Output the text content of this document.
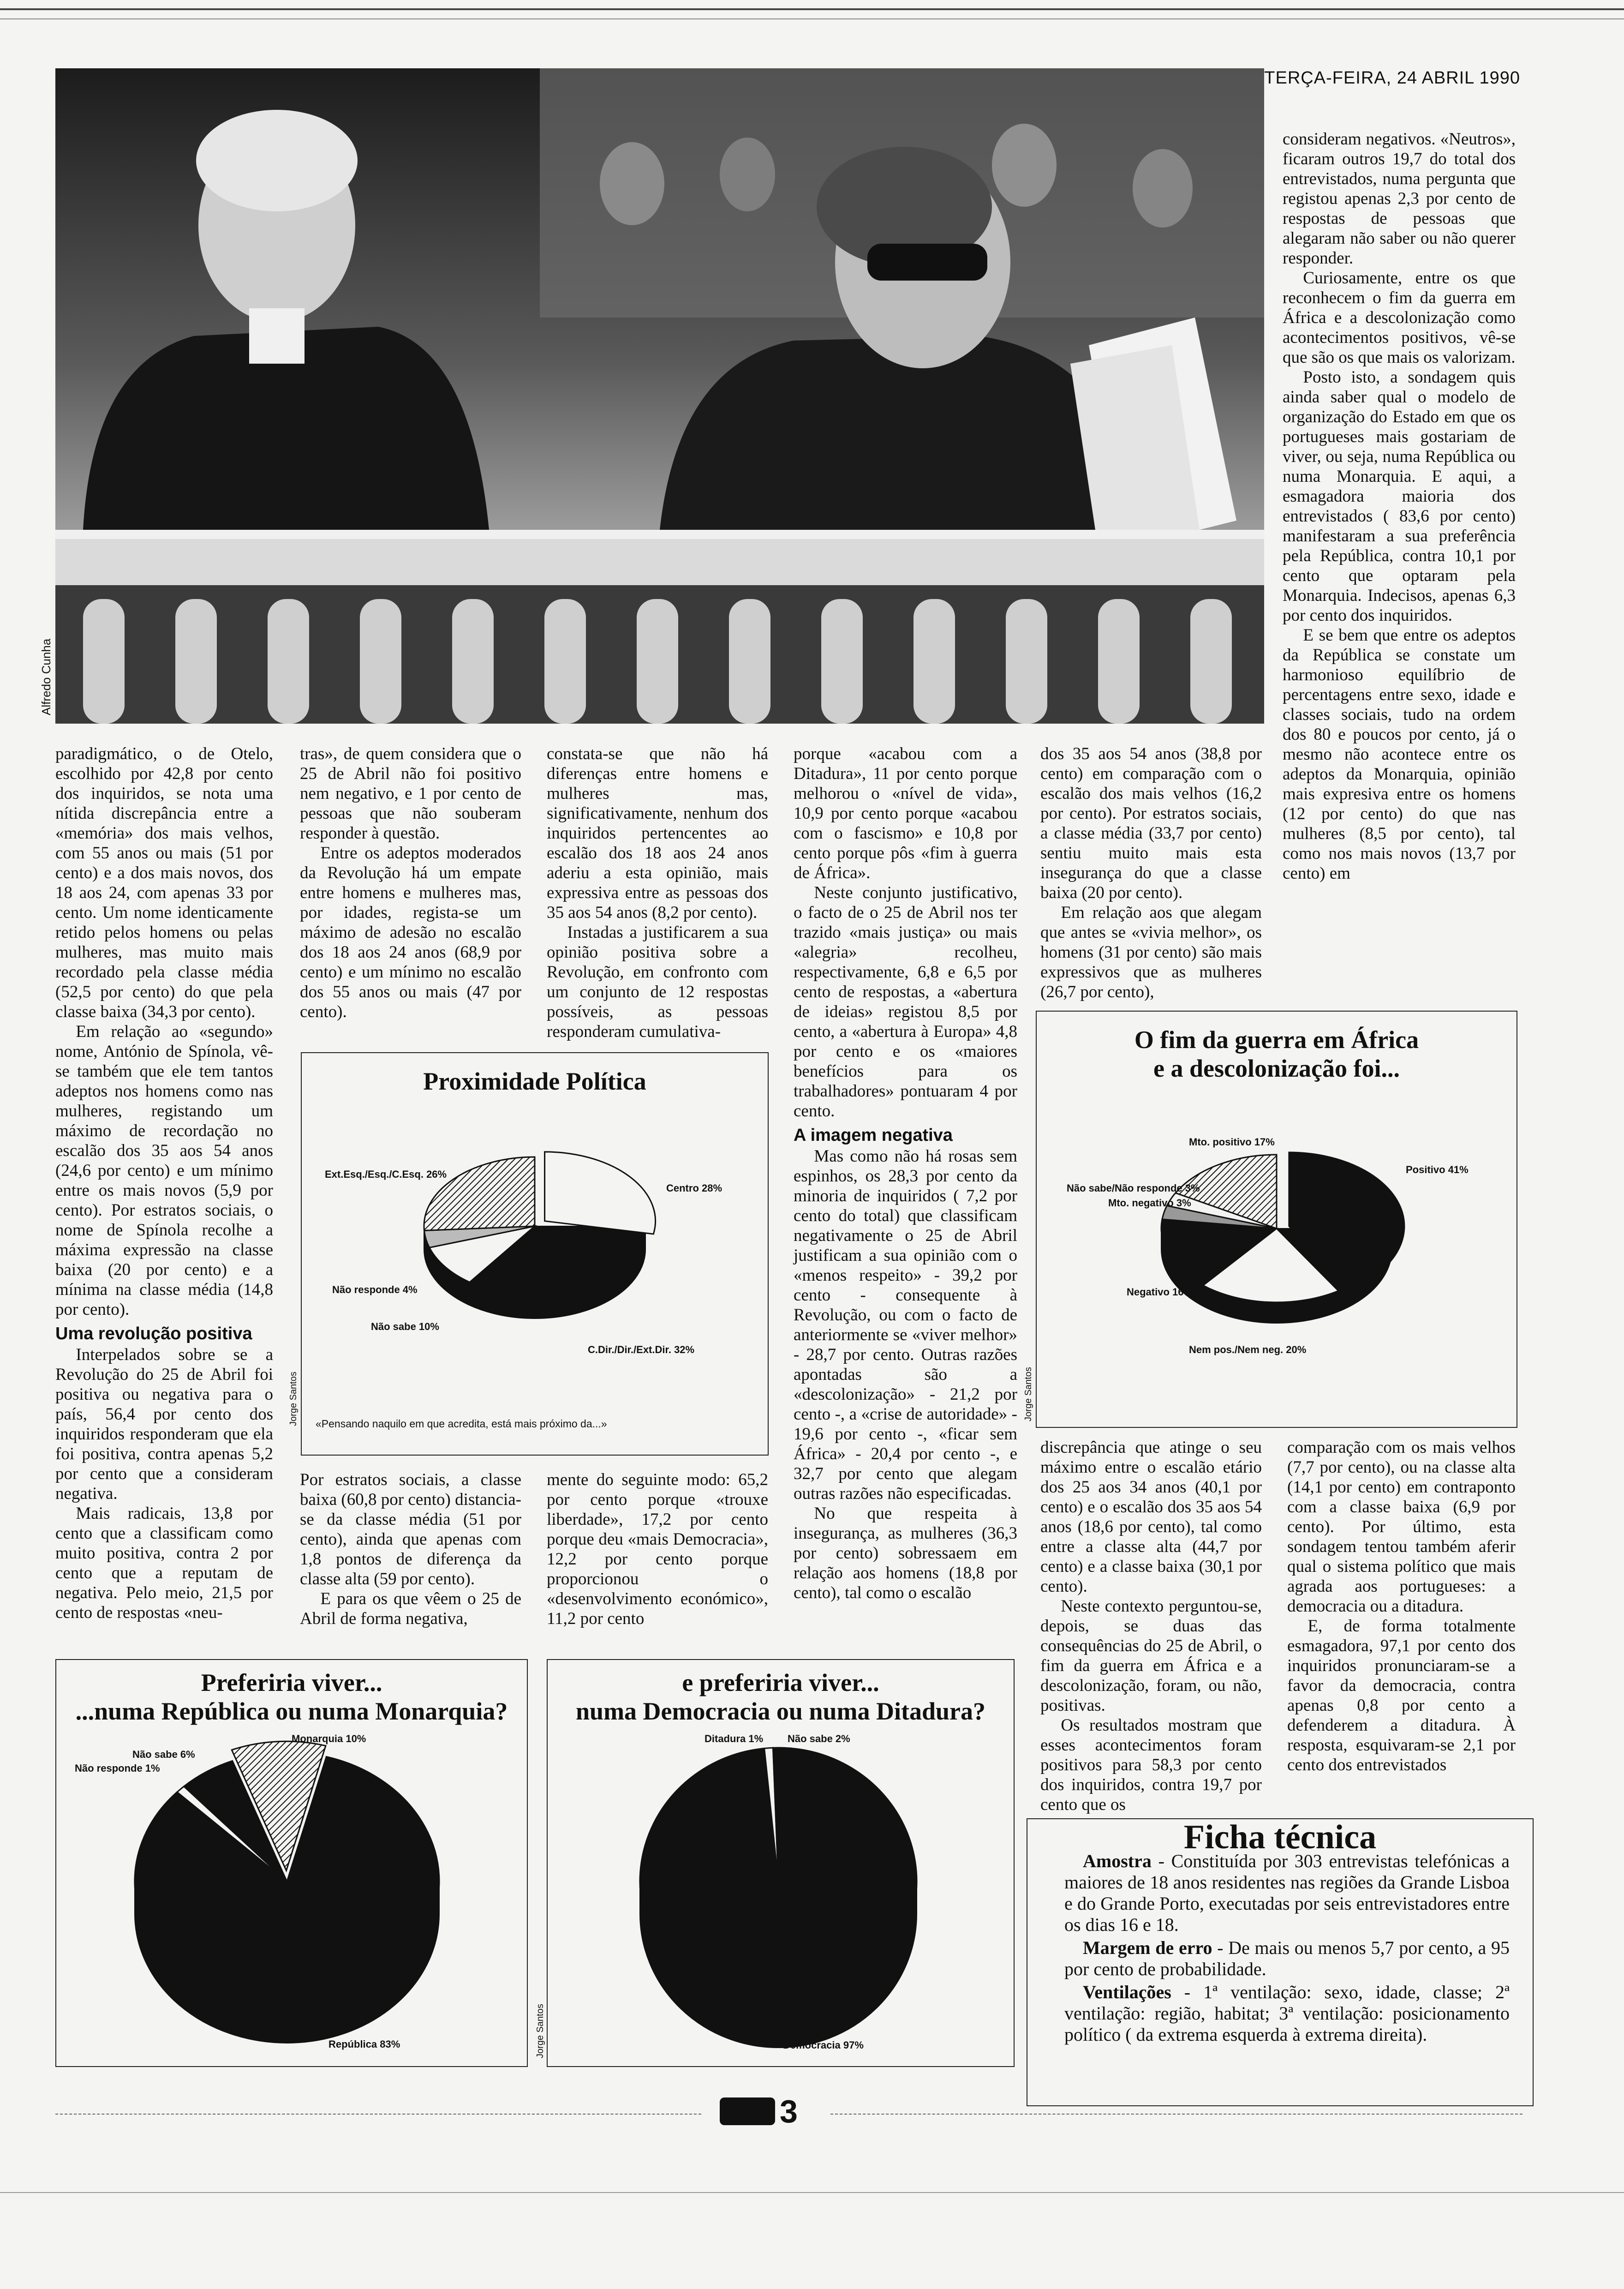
TERÇA-FEIRA, 24 ABRIL 1990
Alfredo Cunha

paradigmático, o de Otelo, escolhido por 42,8 por cento dos inquiridos, se nota uma nítida discrepância entre a «memória» dos mais velhos, com 55 anos ou mais (51 por cento) e a dos mais novos, dos 18 aos 24, com apenas 33 por cento. Um nome identicamente retido pelos homens ou pelas mulheres, mas muito mais recordado pela classe média (52,5 por cento) do que pela classe baixa (34,3 por cento).

Em relação ao «segundo» nome, António de Spínola, vê-se também que ele tem tantos adeptos nos homens como nas mulheres, registando um máximo de recordação no escalão dos 35 aos 54 anos (24,6 por cento) e um mínimo entre os mais novos (5,9 por cento). Por estratos sociais, o nome de Spínola recolhe a máxima expressão na classe baixa (20 por cento) e a mínima na classe média (14,8 por cento).

Uma revolução positiva

Interpelados sobre se a Revolução do 25 de Abril foi positiva ou negativa para o país, 56,4 por cento dos inquiridos responderam que ela foi positiva, contra apenas 5,2 por cento que a consideram negativa.

Mais radicais, 13,8 por cento que a classificam como muito positiva, contra 2 por cento que a reputam de negativa. Pelo meio, 21,5 por cento de respostas «neu-

tras», de quem considera que o 25 de Abril não foi positivo nem negativo, e 1 por cento de pessoas que não souberam responder à questão.

Entre os adeptos moderados da Revolução há um empate entre homens e mulheres mas, por idades, regista-se um máximo de adesão no escalão dos 18 aos 24 anos (68,9 por cento) e um mínimo no escalão dos 55 anos ou mais (47 por cento).

constata-se que não há diferenças entre homens e mulheres mas, significativamente, nenhum dos inquiridos pertencentes ao escalão dos 18 aos 24 anos aderiu a esta opinião, mais expressiva entre as pessoas dos 35 aos 54 anos (8,2 por cento).

Instadas a justificarem a sua opinião positiva sobre a Revolução, em confronto com um conjunto de 12 respostas possíveis, as pessoas responderam cumulativa-

Proximidade Política
Ext.Esq./Esq./C.Esq. 26%
Centro 28%
Não responde 4%
Não sabe 10%
C.Dir./Dir./Ext.Dir. 32%
«Pensando naquilo em que acredita, está mais próximo da...»
Jorge Santos

Por estratos sociais, a classe baixa (60,8 por cento) distancia-se da classe média (51 por cento), ainda que apenas com 1,8 pontos de diferença da classe alta (59 por cento).

E para os que vêem o 25 de Abril de forma negativa,

mente do seguinte modo: 65,2 por cento porque «trouxe liberdade», 17,2 por cento porque deu «mais Democracia», 12,2 por cento porque proporcionou o «desenvolvimento económico», 11,2 por cento

porque «acabou com a Ditadura», 11 por cento porque melhorou o «nível de vida», 10,9 por cento porque «acabou com o fascismo» e 10,8 por cento porque pôs «fim à guerra de África».

Neste conjunto justificativo, o facto de o 25 de Abril nos ter trazido «mais justiça» ou mais «alegria» recolheu, respectivamente, 6,8 e 6,5 por cento de respostas, a «abertura de ideias» registou 8,5 por cento, a «abertura à Europa» 4,8 por cento e os «maiores benefícios para os trabalhadores» pontuaram 4 por cento.

A imagem negativa

Mas como não há rosas sem espinhos, os 28,3 por cento da minoria de inquiridos ( 7,2 por cento do total) que classificam negativamente o 25 de Abril justificam a sua opinião com o «menos respeito» - 39,2 por cento - consequente à Revolução, ou com o facto de anteriormente se «viver melhor» - 28,7 por cento. Outras razões apontadas são a «descolonização» - 21,2 por cento -, a «crise de autoridade» - 19,6 por cento -, «ficar sem África» - 20,4 por cento -, e 32,7 por cento que alegam outras razões não especificadas.

No que respeita à insegurança, as mulheres (36,3 por cento) sobressaem em relação aos homens (18,8 por cento), tal como o escalão

dos 35 aos 54 anos (38,8 por cento) em comparação com o escalão dos mais velhos (16,2 por cento). Por estratos sociais, a classe média (33,7 por cento) sentiu muito mais esta insegurança do que a classe baixa (20 por cento).

Em relação aos que alegam que antes se «vivia melhor», os homens (31 por cento) são mais expressivos que as mulheres (26,7 por cento),

consideram negativos. «Neutros», ficaram outros 19,7 do total dos entrevistados, numa pergunta que registou apenas 2,3 por cento de respostas de pessoas que alegaram não saber ou não querer responder.

Curiosamente, entre os que reconhecem o fim da guerra em África e a descolonização como acontecimentos positivos, vê-se que são os que mais os valorizam.

Posto isto, a sondagem quis ainda saber qual o modelo de organização do Estado em que os portugueses mais gostariam de viver, ou seja, numa República ou numa Monarquia. E aqui, a esmagadora maioria dos entrevistados ( 83,6 por cento) manifestaram a sua preferência pela República, contra 10,1 por cento que optaram pela Monarquia. Indecisos, apenas 6,3 por cento dos inquiridos.

E se bem que entre os adeptos da República se constate um harmonioso equilíbrio de percentagens entre sexo, idade e classes sociais, tudo na ordem dos 80 e poucos por cento, já o mesmo não acontece entre os adeptos da Monarquia, opinião mais expresiva entre os homens (12 por cento) do que nas mulheres (8,5 por cento), tal como nos mais novos (13,7 por cento) em

O fim da guerra em África
e a descolonização foi...
Mto. positivo 17%
Positivo 41%
Não sabe/Não responde 3%
Mto. negativo 3%
Negativo 16%
Nem pos./Nem neg. 20%
Jorge Santos

discrepância que atinge o seu máximo entre o escalão etário dos 25 aos 34 anos (40,1 por cento) e o escalão dos 35 aos 54 anos (18,6 por cento), tal como entre a classe alta (44,7 por cento) e a classe baixa (30,1 por cento).

Neste contexto perguntou-se, depois, se duas das consequências do 25 de Abril, o fim da guerra em África e a descolonização, foram, ou não, positivas.

Os resultados mostram que esses acontecimentos foram positivos para 58,3 por cento dos inquiridos, contra 19,7 por cento que os

comparação com os mais velhos (7,7 por cento), ou na classe alta (14,1 por cento) em contraponto com a classe baixa (6,9 por cento). Por último, esta sondagem tentou também aferir qual o sistema político que mais agrada aos portugueses: a democracia ou a ditadura.

E, de forma totalmente esmagadora, 97,1 por cento dos inquiridos pronunciaram-se a favor da democracia, contra apenas 0,8 por cento a defenderem a ditadura. À resposta, esquivaram-se 2,1 por cento dos entrevistados

Preferiria viver...
...numa República ou numa Monarquia?
Monarquia 10%
Não sabe 6%
Não responde 1%
República 83%	Jorge Santos
e preferiria viver...
numa Democracia ou numa Ditadura?
Ditadura 1% Não sabe 2%
Democracia 97%
Ficha técnica

Amostra - Constituída por 303 entrevistas telefónicas a maiores de 18 anos residentes nas regiões da Grande Lisboa e do Grande Porto, executadas por seis entrevistadores entre os dias 16 e 18.

Margem de erro - De mais ou menos 5,7 por cento, a 95 por cento de probabilidade.

Ventilações - 1ª ventilação: sexo, idade, classe; 2ª ventilação: região, habitat; 3ª ventilação: posicionamento político ( da extrema esquerda à extrema direita).

3
